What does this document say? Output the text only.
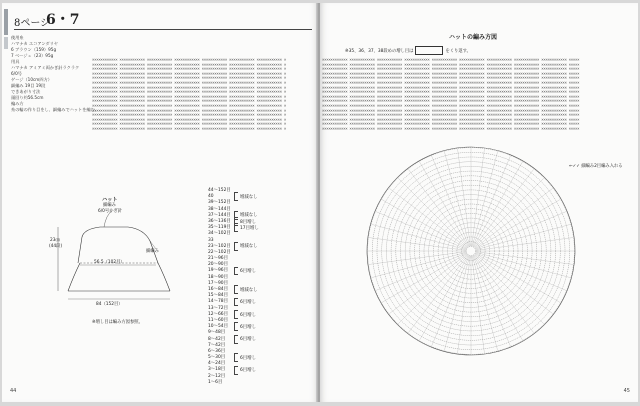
8ページ
6・7
使用糸
ハマナカ エコアンダリヤ
6 ブラウン（159）95g
7 ベージュ（23）95g
用具
ハマナカ アミアミ両かぎ針ラクラク
6/0号
ゲージ（10cm四方）
細編み 19目 19段
できあがり寸法
頭回り約56.5cm
編み方
糸の輪の作り目をし、細編みでハットを編む。
ハット
細編み
6/0号かぎ針
23㎝
(44段)
細編み
56.5（102目）
84（152目）
※増し目は編み方図参照。
44～152目
40
39～152目
38～144目
37～144目
36～136目
35～119目
34～102目
33
23～102目
22～102目
21～96目
20～90目
19～96目
18～90目
17～90目
16～84目
15～84目
14～78目
13～72目
12～66目
11～60目
10～54目
9～48目
8～42目
7～42目
6～36目
5～30目
4～24目
3～18目
2～12目
1～6目
増減なし
増減なし
8目増し
17目増し
増減なし
6目増し
増減なし
6目増し
6目増し
6目増し
6目増し
6目増し
6目増し
44	45
×××××××××××× ×××××××××××× ×××××××××××× ×××××××××××× ×××××××××××× ×××××××××××× ×××××××××××× ×
×××××××××××× ×××××××××××× ×××××××××××× ×××××××××××× ×××××××××××× ×××××××××××× ×××××××××××× ×
×××××××××××× ×××××××××××× ×××××××××××× ×××××××××××× ×××××××××××× ×××××××××××× ×××××××××××× ×
×××××××××××× ×××××××××××× ×××××××××××× ×××××××××××× ×××××××××××× ×××××××××××× ×××××××××××× ×
×××××××××××× ×××××××××××× ×××××××××××× ×××××××××××× ×××××××××××× ×××××××××××× ×××××××××××× ×
×××××××××××× ×××××××××××× ×××××××××××× ×××××××××××× ×××××××××××× ×××××××××××× ×××××××××××× ×
×××××××××××× ×××××××××××× ×××××××××××× ×××××××××××× ×××××××××××× ×××××××××××× ×××××××××××× ×
×××××××××××× ×××××××××××× ×××××××××××× ×××××××××××× ×××××××××××× ×××××××××××× ×××××××××××× ×
×××××××××××× ×××××××××××× ×××××××××××× ×××××××××××× ×××××××××××× ×××××××××××× ×××××××××××× ×
×××××××××××× ×××××××××××× ×××××××××××× ×××××××××××× ×××××××××××× ×××××××××××× ×××××××××××× ×
×××××××××××× ×××××××××××× ×××××××××××× ×××××××××××× ×××××××××××× ×××××××××××× ×××××××××××× ×
×××××××××××× ×××××××××××× ×××××××××××× ×××××××××××× ×××××××××××× ×××××××××××× ×××××××××××× ×
×××××××××××× ×××××××××××× ×××××××××××× ×××××××××××× ×××××××××××× ×××××××××××× ×××××××××××× ×
×××××××××××× ×××××××××××× ×××××××××××× ×××××××××××× ×××××××××××× ×××××××××××× ×××××××××××× ×
×××××××××××× ×××××××××××× ×××××××××××× ×××××××××××× ×××××××××××× ×××××××××××× ×××××××××××× ×
×××××××××××× ×××××××××××× ×××××××××××× ×××××××××××× ×××××××××××× ×××××××××××× ×××××××××××× ×

×××××××××××× ×××××××××××× ×××××××××××× ×××××××××××× ×××××××××××× ×××××××××××× ×××××××××××× ×××××××××××× ×××××××××××× ×××××
×××××××××××× ×××××××××××× ×××××××××××× ×××××××××××× ×××××××××××× ×××××××××××× ×××××××××××× ×××××××××××× ×××××××××××× ×××××
×××××××××××× ×××××××××××× ×××××××××××× ×××××××××××× ×××××××××××× ×××××××××××× ×××××××××××× ×××××××××××× ×××××××××××× ×××××
×××××××××××× ×××××××××××× ×××××××××××× ×××××××××××× ×××××××××××× ×××××××××××× ×××××××××××× ×××××××××××× ×××××××××××× ×××××
×××××××××××× ×××××××××××× ×××××××××××× ×××××××××××× ×××××××××××× ×××××××××××× ×××××××××××× ×××××××××××× ×××××××××××× ×××××
×××××××××××× ×××××××××××× ×××××××××××× ×××××××××××× ×××××××××××× ×××××××××××× ×××××××××××× ×××××××××××× ×××××××××××× ×××××
×××××××××××× ×××××××××××× ×××××××××××× ×××××××××××× ×××××××××××× ×××××××××××× ×××××××××××× ×××××××××××× ×××××××××××× ×××××
×××××××××××× ×××××××××××× ×××××××××××× ×××××××××××× ×××××××××××× ×××××××××××× ×××××××××××× ×××××××××××× ×××××××××××× ×××××
×××××××××××× ×××××××××××× ×××××××××××× ×××××××××××× ×××××××××××× ×××××××××××× ×××××××××××× ×××××××××××× ×××××××××××× ×××××
×××××××××××× ×××××××××××× ×××××××××××× ×××××××××××× ×××××××××××× ×××××××××××× ×××××××××××× ×××××××××××× ×××××××××××× ×××××
×××××××××××× ×××××××××××× ×××××××××××× ×××××××××××× ×××××××××××× ×××××××××××× ×××××××××××× ×××××××××××× ×××××××××××× ×××××
×××××××××××× ×××××××××××× ×××××××××××× ×××××××××××× ×××××××××××× ×××××××××××× ×××××××××××× ×××××××××××× ×××××××××××× ×××××
×××××××××××× ×××××××××××× ×××××××××××× ×××××××××××× ×××××××××××× ×××××××××××× ×××××××××××× ×××××××××××× ×××××××××××× ×××××
×××××××××××× ×××××××××××× ×××××××××××× ×××××××××××× ×××××××××××× ×××××××××××× ×××××××××××× ×××××××××××× ×××××××××××× ×××××
×××××××××××× ×××××××××××× ×××××××××××× ×××××××××××× ×××××××××××× ×××××××××××× ×××××××××××× ×××××××××××× ×××××××××××× ×××××
×××××××××××× ×××××××××××× ×××××××××××× ×××××××××××× ×××××××××××× ×××××××××××× ×××××××××××× ×××××××××××× ×××××××××××× ×××××

ハットの編み方図
※35、36、37、38段めの増し目は	をくり返す。
←✓✓ 細編み2目編み入れる
